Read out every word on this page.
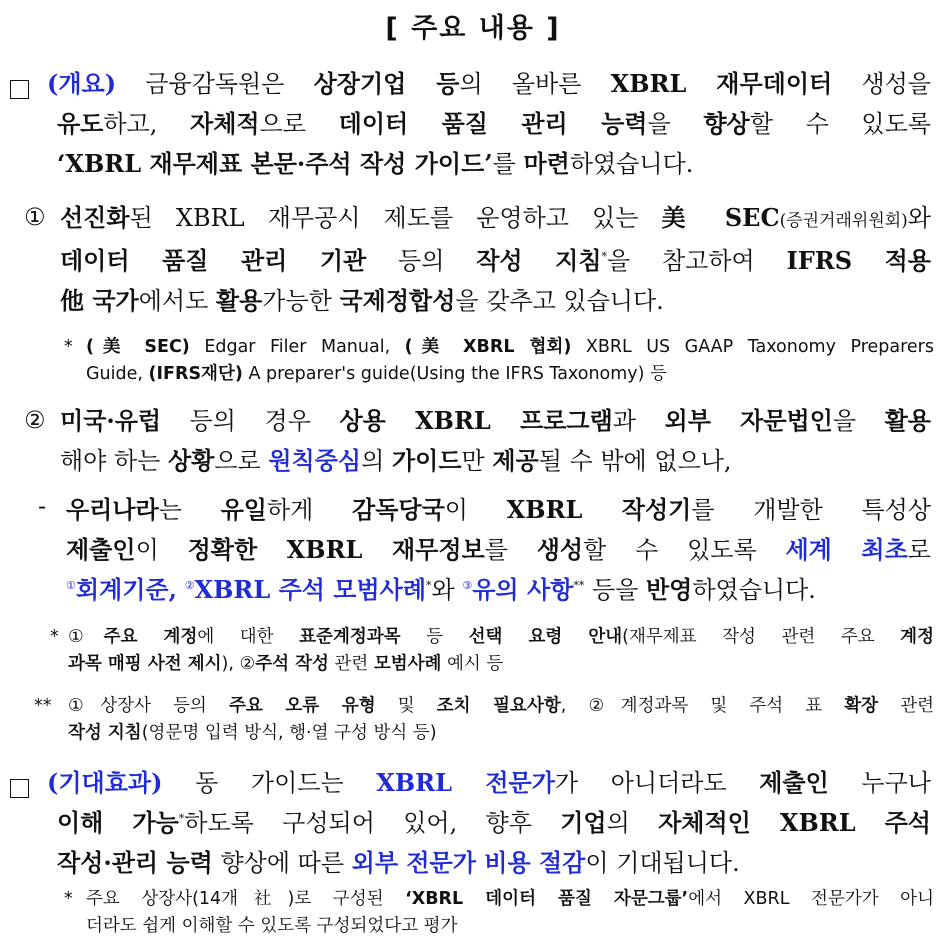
[ 주요 내용 ]
(개요) 금융감독원은 상장기업 등의 올바른 XBRL 재무데이터 생성을
유도하고, 자체적으로 데이터 품질 관리 능력을 향상할 수 있도록
‘XBRL 재무제표 본문·주석 작성 가이드’를 마련하였습니다.
① 선진화된 XBRL 재무공시 제도를 운영하고 있는 美 SEC(증권거래위원회)와
데이터 품질 관리 기관 등의 작성 지침*을 참고하여 IFRS 적용
他 국가에서도 활용가능한 국제정합성을 갖추고 있습니다.
* (美 SEC) Edgar Filer Manual, (美 XBRL 협회) XBRL US GAAP Taxonomy Preparers
Guide, (IFRS재단) A preparer's guide(Using the IFRS Taxonomy) 등
② 미국·유럽 등의 경우 상용 XBRL 프로그램과 외부 자문법인을 활용
해야 하는 상황으로 원칙중심의 가이드만 제공될 수 밖에 없으나,
- 우리나라는 유일하게 감독당국이 XBRL 작성기를 개발한 특성상
제출인이 정확한 XBRL 재무정보를 생성할 수 있도록 세계 최초로
①회계기준, ②XBRL 주석 모범사례*와 ③유의 사항** 등을 반영하였습니다.
* ①주요 계정에 대한 표준계정과목 등 선택 요령 안내(재무제표 작성 관련 주요 계정
과목 매핑 사전 제시), ②주석 작성 관련 모범사례 예시 등
** ①상장사 등의 주요 오류 유형 및 조치 필요사항, ②계정과목 및 주석 표 확장 관련
작성 지침(영문명 입력 방식, 행·열 구성 방식 등)
(기대효과) 동 가이드는 XBRL 전문가가 아니더라도 제출인 누구나
이해 가능*하도록 구성되어 있어, 향후 기업의 자체적인 XBRL 주석
작성·관리 능력 향상에 따른 외부 전문가 비용 절감이 기대됩니다.
* 주요 상장사(14개社)로 구성된 ‘XBRL 데이터 품질 자문그룹’에서 XBRL 전문가가 아니
더라도 쉽게 이해할 수 있도록 구성되었다고 평가
